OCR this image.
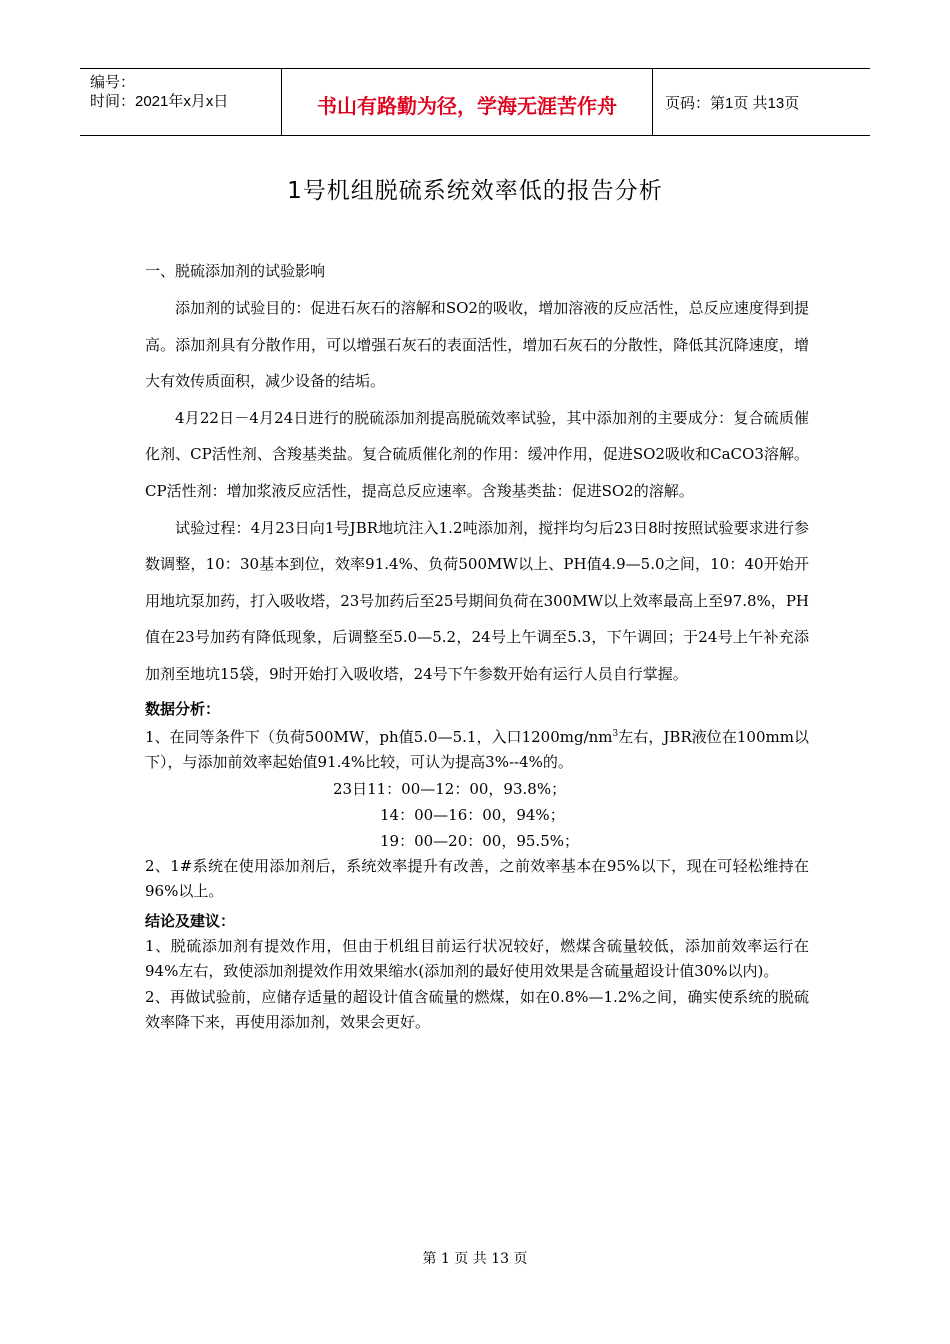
编号：
时间：2021年x月x日	书山有路勤为径，学海无涯苦作舟	页码：第1页 共13页
1号机组脱硫系统效率低的报告分析
一、脱硫添加剂的试验影响

添加剂的试验目的：促进石灰石的溶解和SO2的吸收，增加溶液的反应活性，总反应速度得到提高。添加剂具有分散作用，可以增强石灰石的表面活性，增加石灰石的分散性，降低其沉降速度，增大有效传质面积，减少设备的结垢。

4月22日－4月24日进行的脱硫添加剂提高脱硫效率试验，其中添加剂的主要成分：复合硫质催化剂、CP活性剂、含羧基类盐。复合硫质催化剂的作用：缓冲作用，促进SO2吸收和CaCO3溶解。CP活性剂：增加浆液反应活性，提高总反应速率。含羧基类盐：促进SO2的溶解。

试验过程：4月23日向1号JBR地坑注入1.2吨添加剂，搅拌均匀后23日8时按照试验要求进行参数调整，10：30基本到位，效率91.4%、负荷500MW以上、PH值4.9—5.0之间，10：40开始开用地坑泵加药，打入吸收塔，23号加药后至25号期间负荷在300MW以上效率最高上至97.8%，PH值在23号加药有降低现象，后调整至5.0—5.2，24号上午调至5.3，下午调回；于24号上午补充添加剂至地坑15袋，9时开始打入吸收塔，24号下午参数开始有运行人员自行掌握。

数据分析：

1、在同等条件下（负荷500MW，ph值5.0—5.1，入口$1200mg/nm^3$左右，JBR液位在100mm以下），与添加前效率起始值91.4%比较，可认为提高3%--4%的。

23日11：00—12：00，93.8%；

14：00—16：00，94%；

19：00—20：00，95.5%；

2、1#系统在使用添加剂后，系统效率提升有改善，之前效率基本在95%以下，现在可轻松维持在96%以上。

结论及建议：

1、脱硫添加剂有提效作用，但由于机组目前运行状况较好，燃煤含硫量较低，添加前效率运行在94%左右，致使添加剂提效作用效果缩水(添加剂的最好使用效果是含硫量超设计值30%以内)。

2、再做试验前，应储存适量的超设计值含硫量的燃煤，如在0.8%—1.2%之间，确实使系统的脱硫效率降下来，再使用添加剂，效果会更好。

第 1 页 共 13 页
